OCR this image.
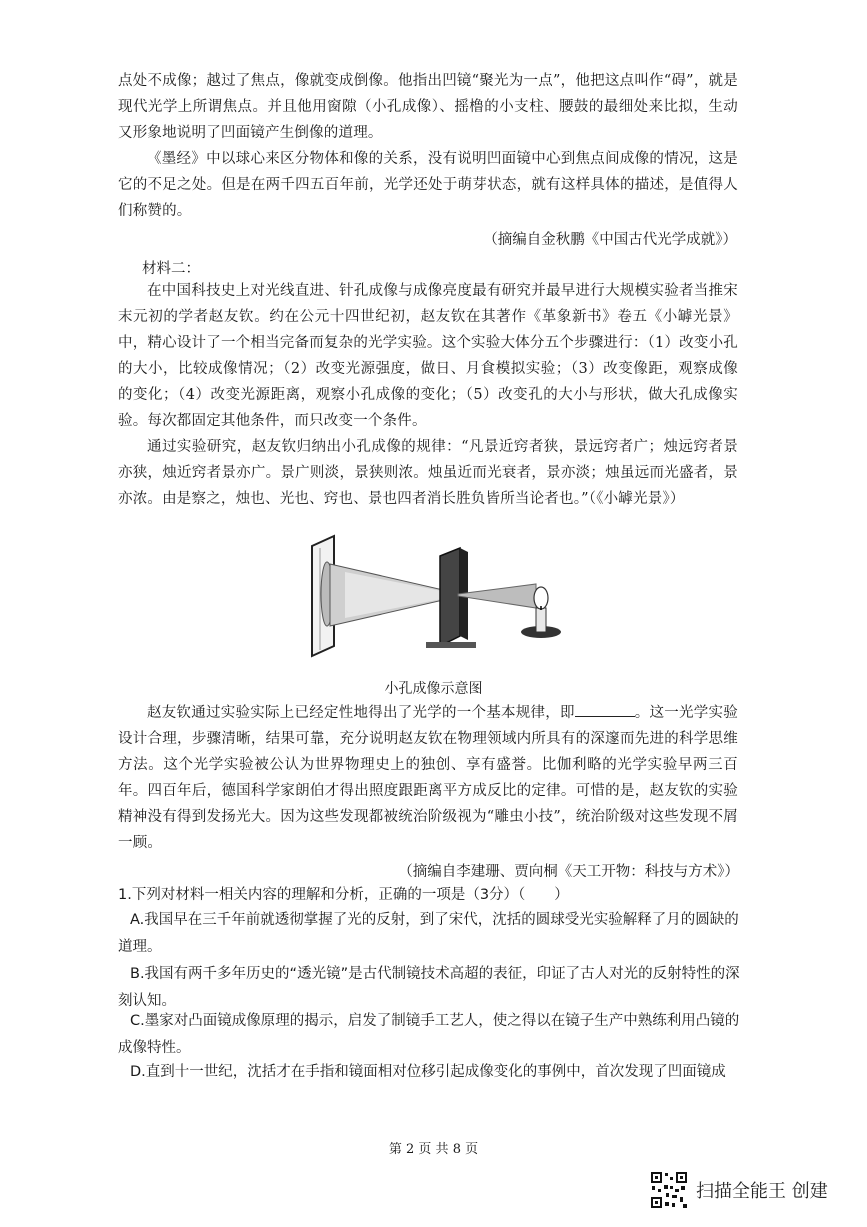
点处不成像；越过了焦点，像就变成倒像。他指出凹镜“聚光为一点”，他把这点叫作“碍”，就是现代光学上所谓焦点。并且他用窗隙（小孔成像）、摇橹的小支柱、腰鼓的最细处来比拟，生动又形象地说明了凹面镜产生倒像的道理。
《墨经》中以球心来区分物体和像的关系，没有说明凹面镜中心到焦点间成像的情况，这是它的不足之处。但是在两千四五百年前，光学还处于萌芽状态，就有这样具体的描述，是值得人们称赞的。
（摘编自金秋鹏《中国古代光学成就》）
材料二：
在中国科技史上对光线直进、针孔成像与成像亮度最有研究并最早进行大规模实验者当推宋末元初的学者赵友钦。约在公元十四世纪初，赵友钦在其著作《革象新书》卷五《小罅光景》中，精心设计了一个相当完备而复杂的光学实验。这个实验大体分五个步骤进行：（1）改变小孔的大小，比较成像情况；（2）改变光源强度，做日、月食模拟实验；（3）改变像距，观察成像的变化；（4）改变光源距离，观察小孔成像的变化；（5）改变孔的大小与形状，做大孔成像实验。每次都固定其他条件，而只改变一个条件。
通过实验研究，赵友钦归纳出小孔成像的规律：“凡景近窍者狭，景远窍者广；烛远窍者景亦狭，烛近窍者景亦广。景广则淡，景狭则浓。烛虽近而光衰者，景亦淡；烛虽远而光盛者，景亦浓。由是察之，烛也、光也、窍也、景也四者消长胜负皆所当论者也。”（《小罅光景》）
小孔成像示意图
赵友钦通过实验实际上已经定性地得出了光学的一个基本规律，即	。这一光学实验设计合理，步骤清晰，结果可靠，充分说明赵友钦在物理领域内所具有的深邃而先进的科学思维方法。这个光学实验被公认为世界物理史上的独创、享有盛誉。比伽利略的光学实验早两三百年。四百年后，德国科学家朗伯才得出照度跟距离平方成反比的定律。可惜的是，赵友钦的实验精神没有得到发扬光大。因为这些发现都被统治阶级视为“雕虫小技”，统治阶级对这些发现不屑一顾。
（摘编自李建珊、贾向桐《天工开物：科技与方术》）
1.下列对材料一相关内容的理解和分析，正确的一项是（3分）（　　）
A.我国早在三千年前就透彻掌握了光的反射，到了宋代，沈括的圆球受光实验解释了月的圆缺的道理。
B.我国有两千多年历史的“透光镜”是古代制镜技术高超的表征，印证了古人对光的反射特性的深刻认知。
C.墨家对凸面镜成像原理的揭示，启发了制镜手工艺人，使之得以在镜子生产中熟练利用凸镜的成像特性。
D.直到十一世纪，沈括才在手指和镜面相对位移引起成像变化的事例中，首次发现了凹面镜成
第 2 页 共 8 页
扫描全能王 创建
